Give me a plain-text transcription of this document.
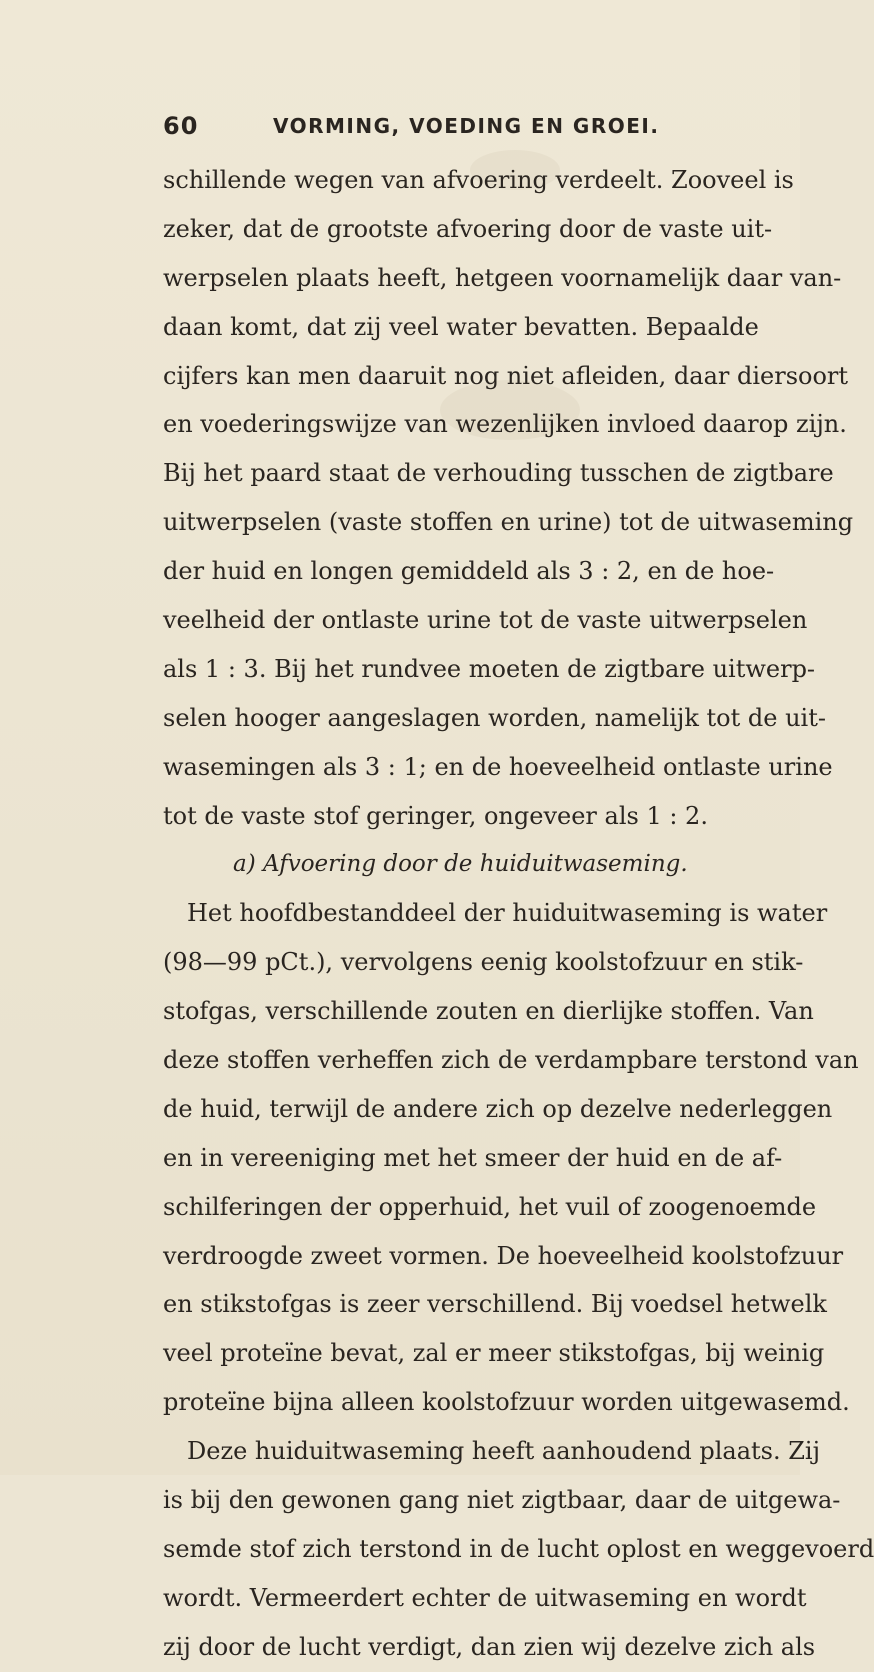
60	VORMING, VOEDING EN GROEI.
schillende wegen van afvoering verdeelt. Zooveel is
zeker, dat de grootste afvoering door de vaste uit-
werpselen plaats heeft, hetgeen voornamelijk daar van-
daan komt, dat zij veel water bevatten. Bepaalde
cijfers kan men daaruit nog niet afleiden, daar diersoort
en voederingswijze van wezenlijken invloed daarop zijn.
Bij het paard staat de verhouding tusschen de zigtbare
uitwerpselen (vaste stoffen en urine) tot de uitwaseming
der huid en longen gemiddeld als 3 : 2, en de hoe-
veelheid der ontlaste urine tot de vaste uitwerpselen
als 1 : 3. Bij het rundvee moeten de zigtbare uitwerp-
selen hooger aangeslagen worden, namelijk tot de uit-
wasemingen als 3 : 1; en de hoeveelheid ontlaste urine
tot de vaste stof geringer, ongeveer als 1 : 2.
a) Afvoering door de huiduitwaseming.
Het hoofdbestanddeel der huiduitwaseming is water
(98—99 pCt.), vervolgens eenig koolstofzuur en stik-
stofgas, verschillende zouten en dierlijke stoffen. Van
deze stoffen verheffen zich de verdampbare terstond van
de huid, terwijl de andere zich op dezelve nederleggen
en in vereeniging met het smeer der huid en de af-
schilferingen der opperhuid, het vuil of zoogenoemde
verdroogde zweet vormen. De hoeveelheid koolstofzuur
en stikstofgas is zeer verschillend. Bij voedsel hetwelk
veel proteïne bevat, zal er meer stikstofgas, bij weinig
proteïne bijna alleen koolstofzuur worden uitgewasemd.
Deze huiduitwaseming heeft aanhoudend plaats. Zij
is bij den gewonen gang niet zigtbaar, daar de uitgewa-
semde stof zich terstond in de lucht oplost en weggevoerd
wordt. Vermeerdert echter de uitwaseming en wordt
zij door de lucht verdigt, dan zien wij dezelve zich als
